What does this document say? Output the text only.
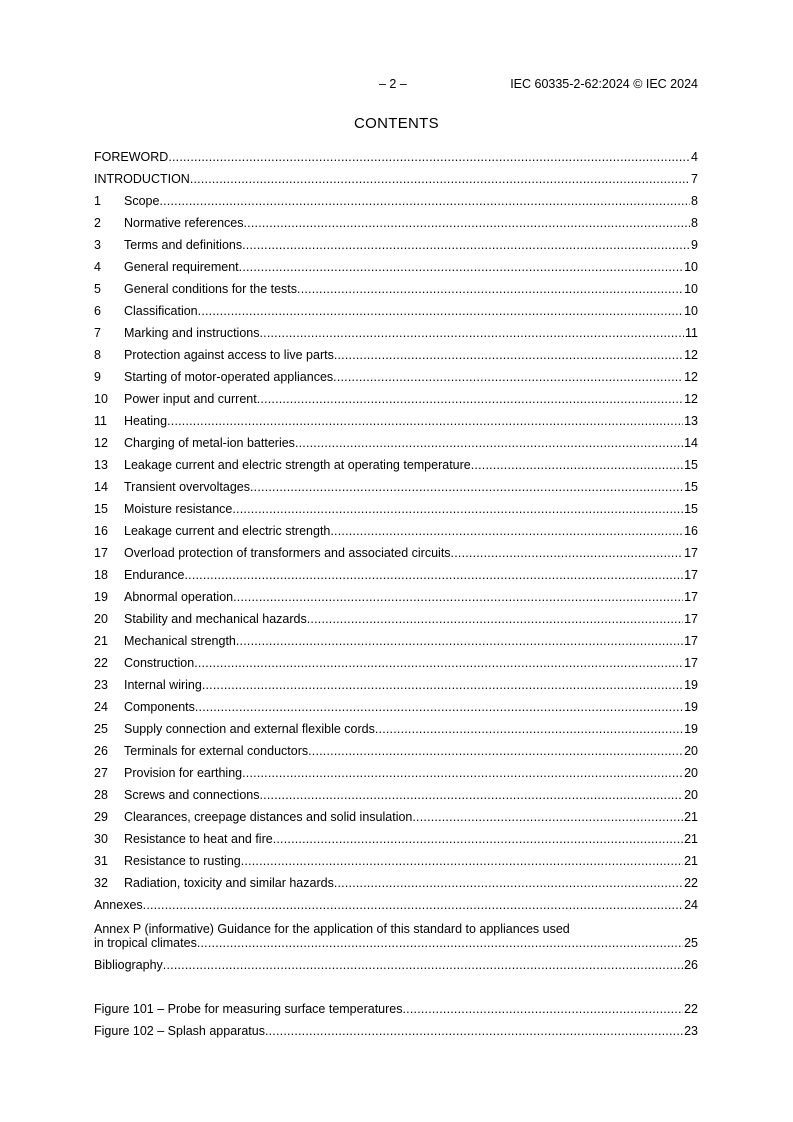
– 2 –	IEC 60335-2-62:2024 © IEC 2024
CONTENTS
FOREWORD .....	4
INTRODUCTION .....	7
1	Scope .....	8
2	Normative references .....	8
3	Terms and definitions .....	9
4	General requirement .....	10
5	General conditions for the tests .....	10
6	Classification .....	10
7	Marking and instructions .....	11
8	Protection against access to live parts .....	12
9	Starting of motor-operated appliances .....	12
10	Power input and current .....	12
11	Heating .....	13
12	Charging of metal-ion batteries .....	14
13	Leakage current and electric strength at operating temperature .....	15
14	Transient overvoltages .....	15
15	Moisture resistance .....	15
16	Leakage current and electric strength .....	16
17	Overload protection of transformers and associated circuits .....	17
18	Endurance .....	17
19	Abnormal operation .....	17
20	Stability and mechanical hazards .....	17
21	Mechanical strength .....	17
22	Construction .....	17
23	Internal wiring .....	19
24	Components .....	19
25	Supply connection and external flexible cords .....	19
26	Terminals for external conductors .....	20
27	Provision for earthing .....	20
28	Screws and connections .....	20
29	Clearances, creepage distances and solid insulation .....	21
30	Resistance to heat and fire .....	21
31	Resistance to rusting .....	21
32	Radiation, toxicity and similar hazards .....	22
Annexes .....	24
Annex P (informative) Guidance for the application of this standard to appliances used
in tropical climates .....	25
Bibliography .....	26
Figure 101 – Probe for measuring surface temperatures .....	22
Figure 102 – Splash apparatus .....	23
